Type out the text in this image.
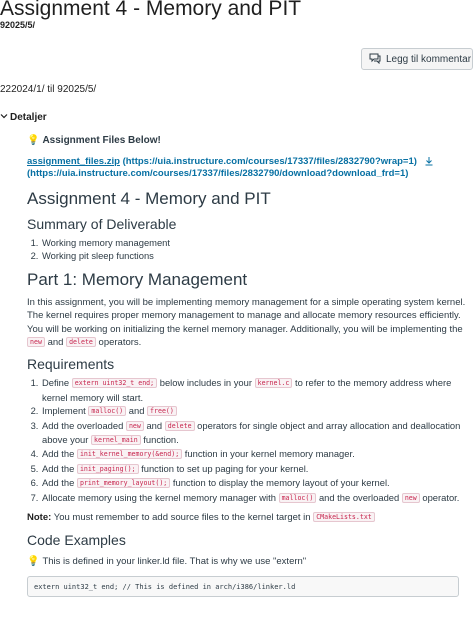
Assignment 4 - Memory and PIT
92025/5/
Legg til kommentar
222024/1/ til 92025/5/
Detaljer
💡 Assignment Files Below!
assignment_files.zip (https://uia.instructure.com/courses/17337/files/2832790?wrap=1)
(https://uia.instructure.com/courses/17337/files/2832790/download?download_frd=1)
Assignment 4 - Memory and PIT
Summary of Deliverable
1. Working memory management
2. Working pit sleep functions
Part 1: Memory Management

In this assignment, you will be implementing memory management for a simple operating system kernel. The kernel requires proper memory management to manage and allocate memory resources efficiently. You will be working on initializing the kernel memory manager. Additionally, you will be implementing the new and delete operators.

Requirements
1. Define extern uint32_t end; below includes in your kernel.c to refer to the memory address where kernel memory will start.
2. Implement malloc() and free()
3. Add the overloaded new and delete operators for single object and array allocation and deallocation above your kernel_main function.
4. Add the init_kernel_memory(&end); function in your kernel memory manager.
5. Add the init_paging(); function to set up paging for your kernel.
6. Add the print_memory_layout(); function to display the memory layout of your kernel.
7. Allocate memory using the kernel memory manager with malloc() and the overloaded new operator.

Note: You must remember to add source files to the kernel target in CMakeLists.txt

Code Examples

💡 This is defined in your linker.ld file. That is why we use "extern"

extern uint32_t end; // This is defined in arch/i386/linker.ld
